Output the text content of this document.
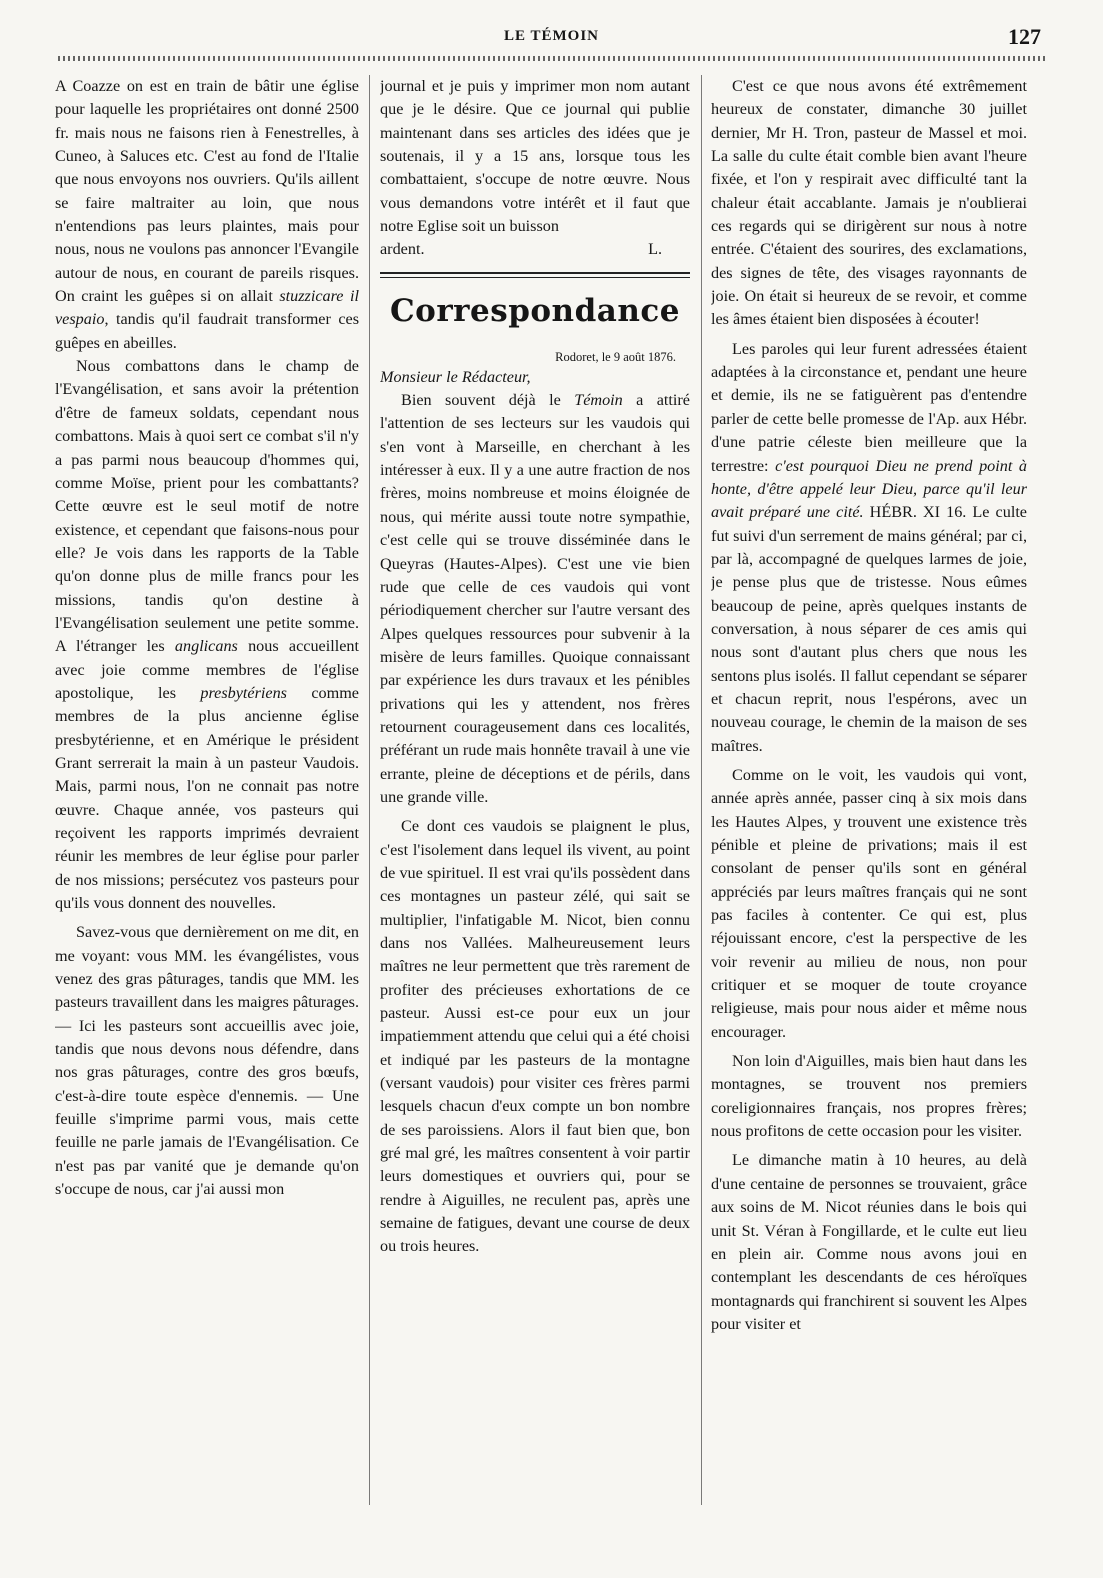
LE TÉMOIN	127

A Coazze on est en train de bâtir une église pour laquelle les propriétaires ont donné 2500 fr. mais nous ne faisons rien à Fenestrelles, à Cuneo, à Saluces etc. C'est au fond de l'Italie que nous envoyons nos ouvriers. Qu'ils aillent se faire maltraiter au loin, que nous n'entendions pas leurs plaintes, mais pour nous, nous ne voulons pas annoncer l'Evangile autour de nous, en courant de pareils risques. On craint les guêpes si on allait stuzzicare il vespaio, tandis qu'il faudrait transformer ces guêpes en abeilles.

Nous combattons dans le champ de l'Evangélisation, et sans avoir la prétention d'être de fameux soldats, cependant nous combattons. Mais à quoi sert ce combat s'il n'y a pas parmi nous beaucoup d'hommes qui, comme Moïse, prient pour les combattants? Cette œuvre est le seul motif de notre existence, et cependant que faisons-nous pour elle? Je vois dans les rapports de la Table qu'on donne plus de mille francs pour les missions, tandis qu'on destine à l'Evangélisation seulement une petite somme. A l'étranger les anglicans nous accueillent avec joie comme membres de l'église apostolique, les presbytériens comme membres de la plus ancienne église presbytérienne, et en Amérique le président Grant serrerait la main à un pasteur Vaudois. Mais, parmi nous, l'on ne connait pas notre œuvre. Chaque année, vos pasteurs qui reçoivent les rapports imprimés devraient réunir les membres de leur église pour parler de nos missions; persécutez vos pasteurs pour qu'ils vous donnent des nouvelles.

Savez-vous que dernièrement on me dit, en me voyant: vous MM. les évangélistes, vous venez des gras pâturages, tandis que MM. les pasteurs travaillent dans les maigres pâturages. — Ici les pasteurs sont accueillis avec joie, tandis que nous devons nous défendre, dans nos gras pâturages, contre des gros bœufs, c'est-à-dire toute espèce d'ennemis. — Une feuille s'imprime parmi vous, mais cette feuille ne parle jamais de l'Evangélisation. Ce n'est pas par vanité que je demande qu'on s'occupe de nous, car j'ai aussi mon

journal et je puis y imprimer mon nom autant que je le désire. Que ce journal qui publie maintenant dans ses articles des idées que je soutenais, il y a 15 ans, lorsque tous les combattaient, s'occupe de notre œuvre. Nous vous demandons votre intérêt et il faut que notre Eglise soit un buisson

ardent.	L.

Correspondance

Rodoret, le 9 août 1876.

Monsieur le Rédacteur,

Bien souvent déjà le Témoin a attiré l'attention de ses lecteurs sur les vaudois qui s'en vont à Marseille, en cherchant à les intéresser à eux. Il y a une autre fraction de nos frères, moins nombreuse et moins éloignée de nous, qui mérite aussi toute notre sympathie, c'est celle qui se trouve disséminée dans le Queyras (Hautes-Alpes). C'est une vie bien rude que celle de ces vaudois qui vont périodiquement chercher sur l'autre versant des Alpes quelques ressources pour subvenir à la misère de leurs familles. Quoique connaissant par expérience les durs travaux et les pénibles privations qui les y attendent, nos frères retournent courageusement dans ces localités, préférant un rude mais honnête travail à une vie errante, pleine de déceptions et de périls, dans une grande ville.

Ce dont ces vaudois se plaignent le plus, c'est l'isolement dans lequel ils vivent, au point de vue spirituel. Il est vrai qu'ils possèdent dans ces montagnes un pasteur zélé, qui sait se multiplier, l'infatigable M. Nicot, bien connu dans nos Vallées. Malheureusement leurs maîtres ne leur permettent que très rarement de profiter des précieuses exhortations de ce pasteur. Aussi est-ce pour eux un jour impatiemment attendu que celui qui a été choisi et indiqué par les pasteurs de la montagne (versant vaudois) pour visiter ces frères parmi lesquels chacun d'eux compte un bon nombre de ses paroissiens. Alors il faut bien que, bon gré mal gré, les maîtres consentent à voir partir leurs domestiques et ouvriers qui, pour se rendre à Aiguilles, ne reculent pas, après une semaine de fatigues, devant une course de deux ou trois heures.

C'est ce que nous avons été extrêmement heureux de constater, dimanche 30 juillet dernier, Mr H. Tron, pasteur de Massel et moi. La salle du culte était comble bien avant l'heure fixée, et l'on y respirait avec difficulté tant la chaleur était accablante. Jamais je n'oublierai ces regards qui se dirigèrent sur nous à notre entrée. C'étaient des sourires, des exclamations, des signes de tête, des visages rayonnants de joie. On était si heureux de se revoir, et comme les âmes étaient bien disposées à écouter!

Les paroles qui leur furent adressées étaient adaptées à la circonstance et, pendant une heure et demie, ils ne se fatiguèrent pas d'entendre parler de cette belle promesse de l'Ap. aux Hébr. d'une patrie céleste bien meilleure que la terrestre: c'est pourquoi Dieu ne prend point à honte, d'être appelé leur Dieu, parce qu'il leur avait préparé une cité. HÉBR. XI 16. Le culte fut suivi d'un serrement de mains général; par ci, par là, accompagné de quelques larmes de joie, je pense plus que de tristesse. Nous eûmes beaucoup de peine, après quelques instants de conversation, à nous séparer de ces amis qui nous sont d'autant plus chers que nous les sentons plus isolés. Il fallut cependant se séparer et chacun reprit, nous l'espérons, avec un nouveau courage, le chemin de la maison de ses maîtres.

Comme on le voit, les vaudois qui vont, année après année, passer cinq à six mois dans les Hautes Alpes, y trouvent une existence très pénible et pleine de privations; mais il est consolant de penser qu'ils sont en général appréciés par leurs maîtres français qui ne sont pas faciles à contenter. Ce qui est, plus réjouissant encore, c'est la perspective de les voir revenir au milieu de nous, non pour critiquer et se moquer de toute croyance religieuse, mais pour nous aider et même nous encourager.

Non loin d'Aiguilles, mais bien haut dans les montagnes, se trouvent nos premiers coreligionnaires français, nos propres frères; nous profitons de cette occasion pour les visiter.

Le dimanche matin à 10 heures, au delà d'une centaine de personnes se trouvaient, grâce aux soins de M. Nicot réunies dans le bois qui unit St. Véran à Fongillarde, et le culte eut lieu en plein air. Comme nous avons joui en contemplant les descendants de ces héroïques montagnards qui franchirent si souvent les Alpes pour visiter et
